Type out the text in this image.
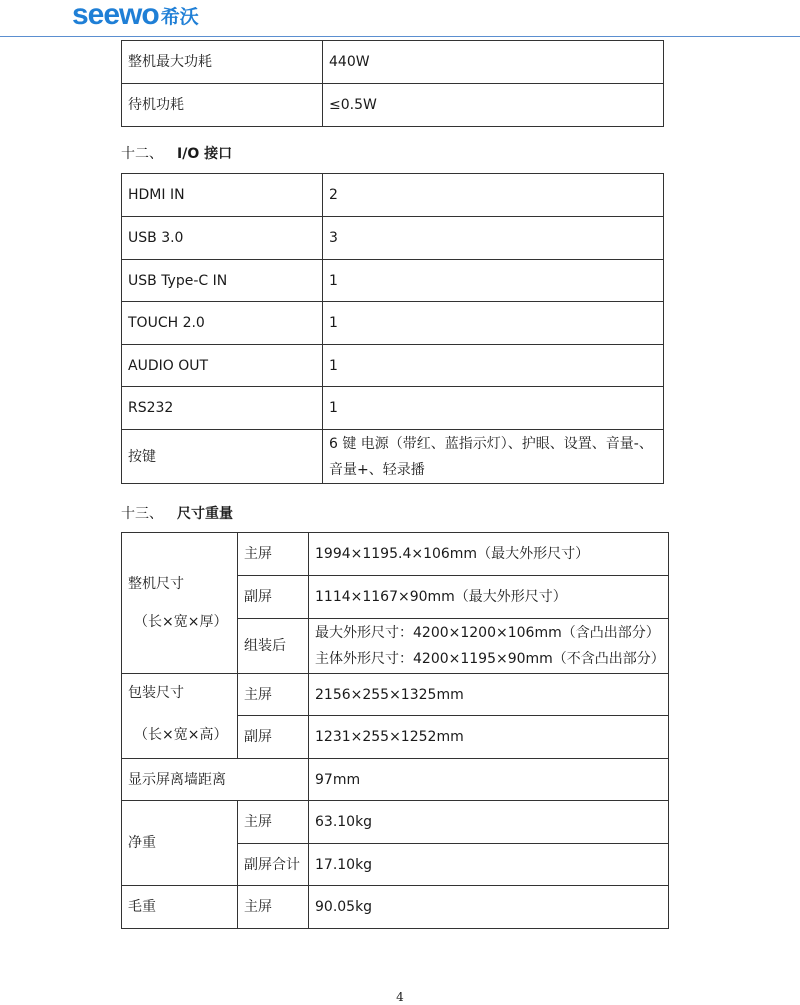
seewo 希沃
整机最大功耗	440W
待机功耗	≤0.5W
十二、 I/O 接口
HDMI IN	2
USB 3.0	3
USB Type-C IN	1
TOUCH 2.0	1
AUDIO OUT	1
RS232	1
按键	6 键 电源（带红、蓝指示灯）、护眼、设置、音量-、音量+、轻录播
十三、 尺寸重量
整机尺寸
（长×宽×厚）	主屏	1994×1195.4×106mm（最大外形尺寸）
	副屏	1114×1167×90mm（最大外形尺寸）
	组装后	最大外形尺寸：4200×1200×106mm（含凸出部分）
主体外形尺寸：4200×1195×90mm（不含凸出部分）

包装尺寸
（长×宽×高）	主屏	2156×255×1325mm
	副屏	1231×255×1252mm
显示屏离墙距离		97mm
净重	主屏	63.10kg
	副屏合计	17.10kg
毛重	主屏	90.05kg
4
